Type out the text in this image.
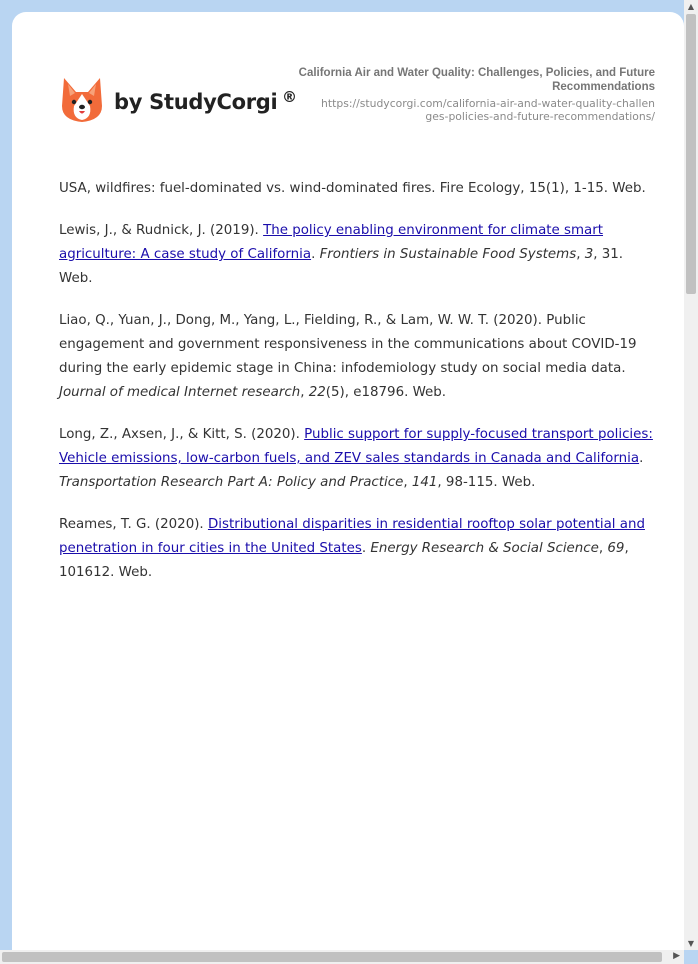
by StudyCorgi ®
California Air and Water Quality: Challenges, Policies, and Future Recommendations
https://studycorgi.com/california-air-and-water-quality-challenges-policies-and-future-recommendations/

USA, wildfires: fuel-dominated vs. wind-dominated fires. Fire Ecology, 15(1), 1-15. Web.

Lewis, J., & Rudnick, J. (2019). The policy enabling environment for climate smart agriculture: A case study of California. Frontiers in Sustainable Food Systems, 3, 31. Web.

Liao, Q., Yuan, J., Dong, M., Yang, L., Fielding, R., & Lam, W. W. T. (2020). Public engagement and government responsiveness in the communications about COVID-19 during the early epidemic stage in China: infodemiology study on social media data. Journal of medical Internet research, 22(5), e18796. Web.

Long, Z., Axsen, J., & Kitt, S. (2020). Public support for supply-focused transport policies: Vehicle emissions, low-carbon fuels, and ZEV sales standards in Canada and California. Transportation Research Part A: Policy and Practice, 141, 98-115. Web.

Reames, T. G. (2020). Distributional disparities in residential rooftop solar potential and penetration in four cities in the United States. Energy Research & Social Science, 69, 101612. Web.

▲
▼
▶
